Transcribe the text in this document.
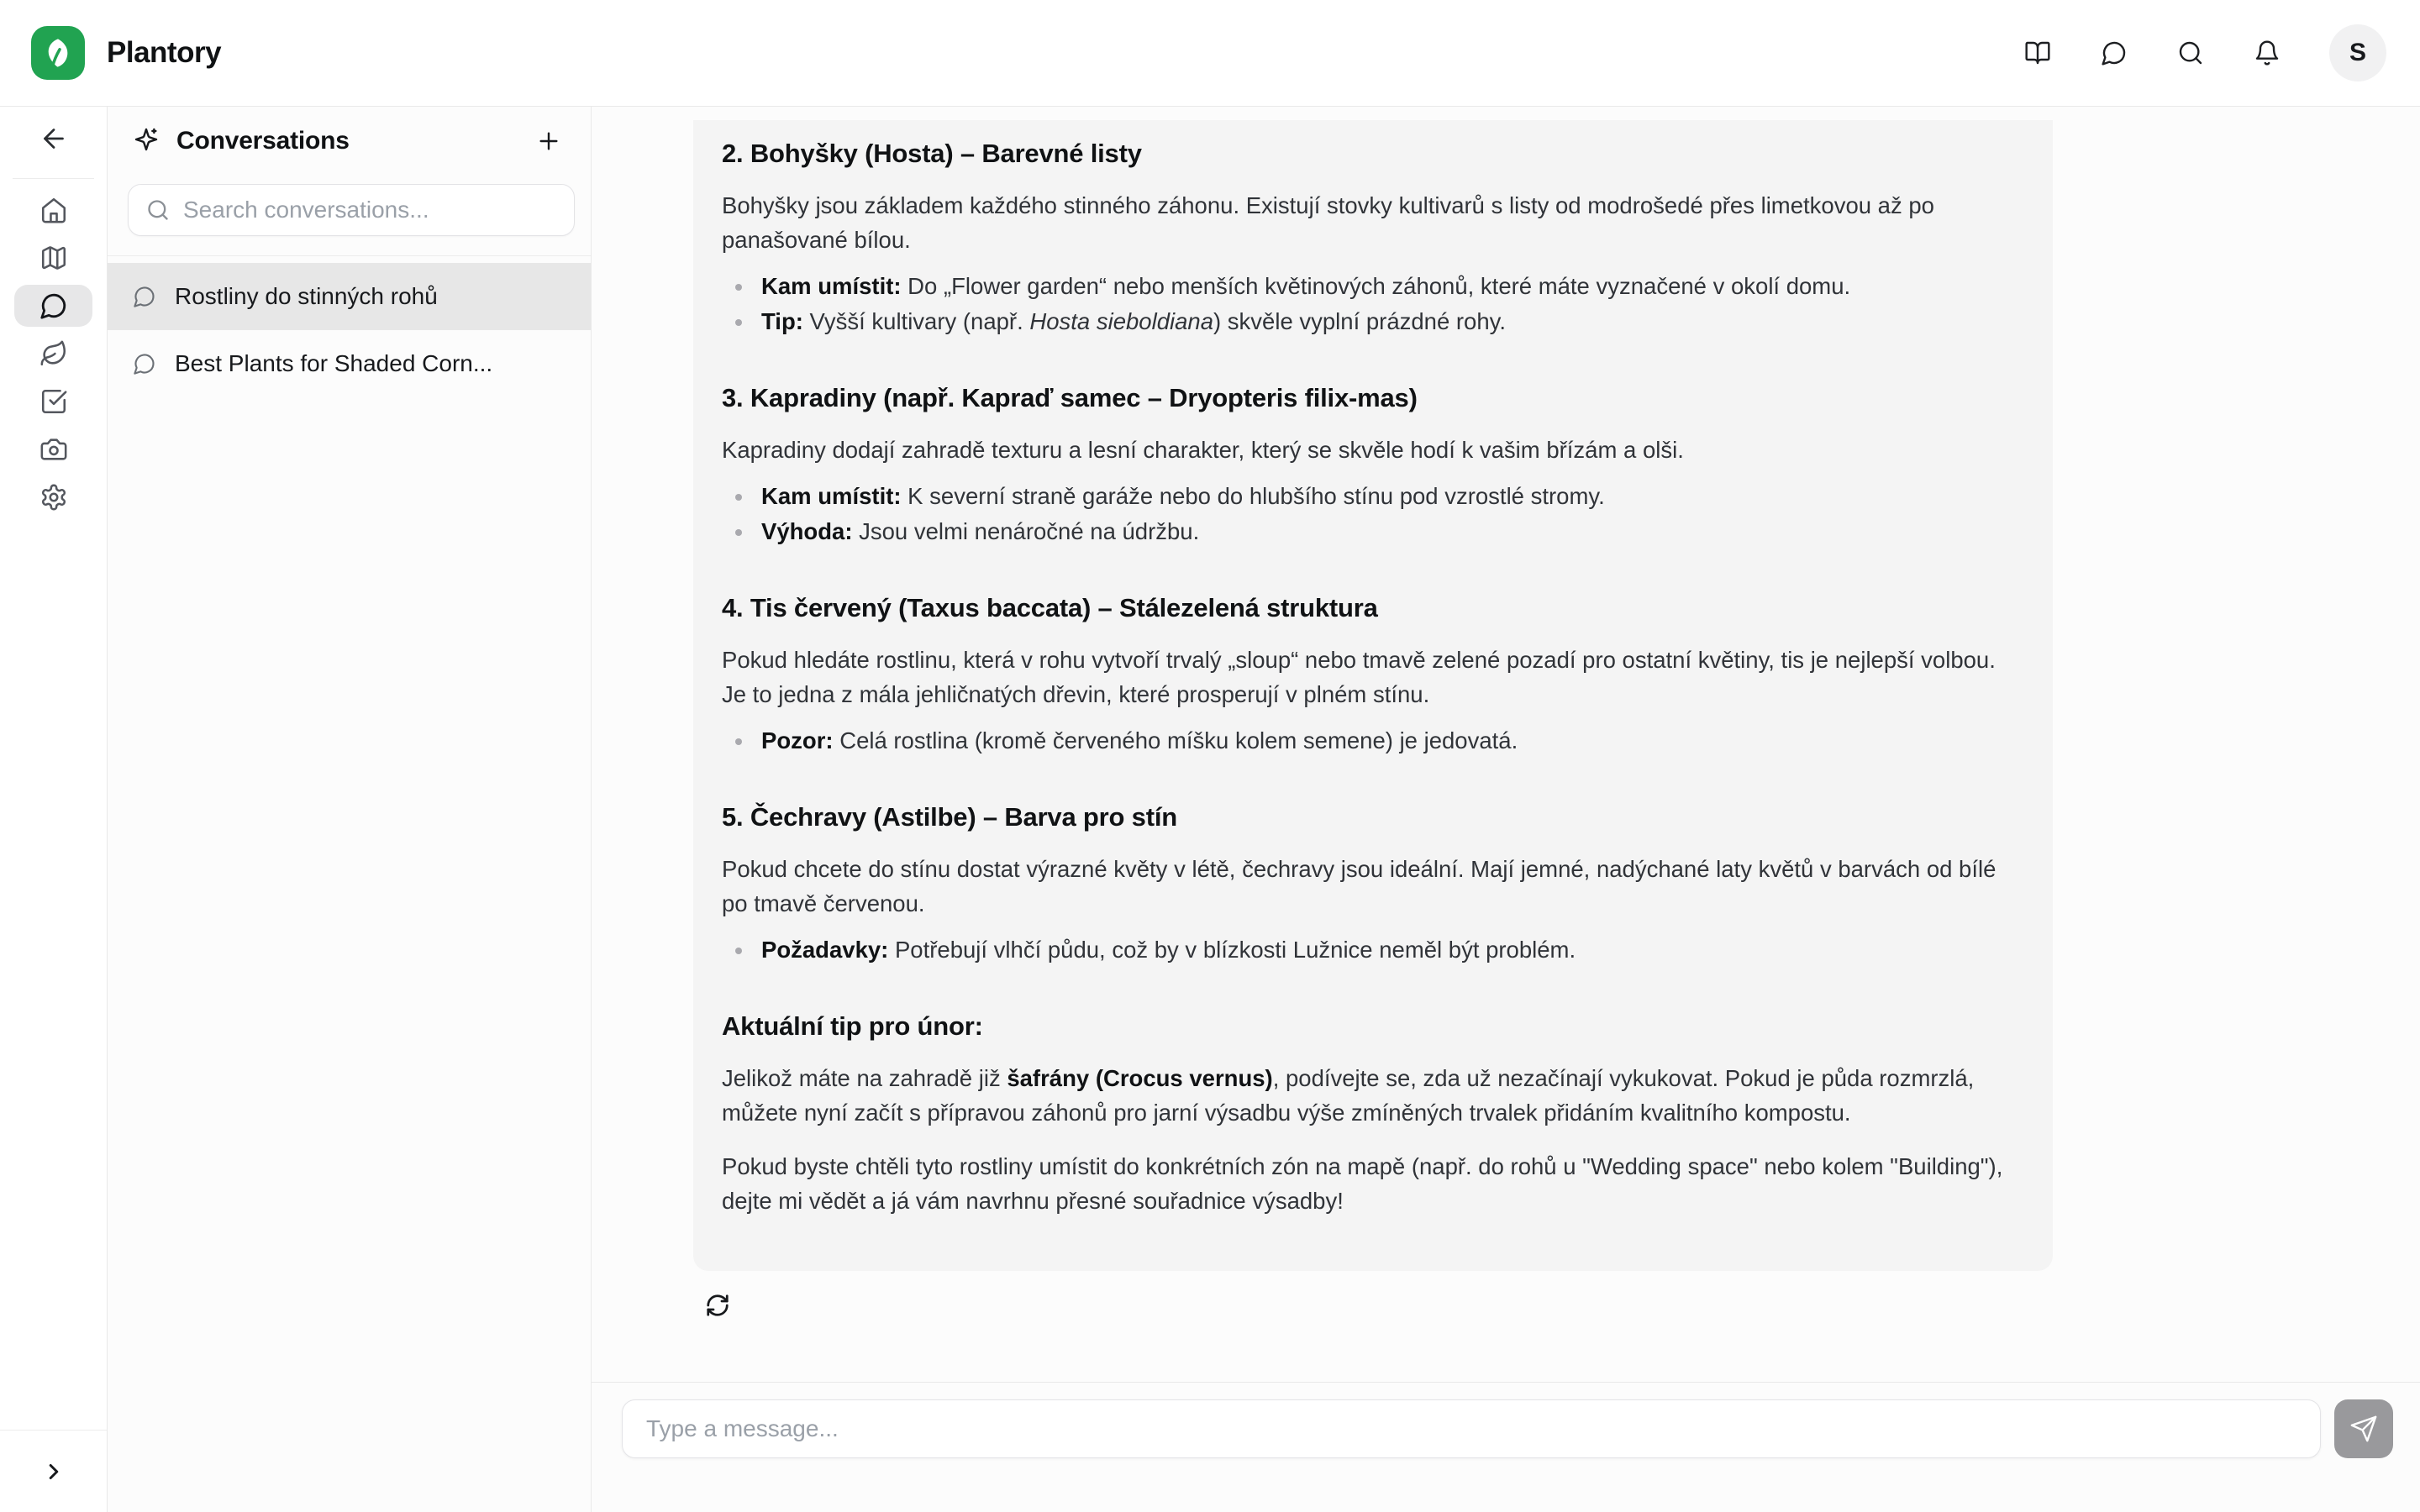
Plantory	S
Conversations
Search conversations...
Rostliny do stinných rohů
Best Plants for Shaded Corn...
2. Bohyšky (Hosta) – Barevné listy

Bohyšky jsou základem každého stinného záhonu. Existují stovky kultivarů s listy od modrošedé přes limetkovou až po panašované bílou.

Kam umístit: Do „Flower garden“ nebo menších květinových záhonů, které máte vyznačené v okolí domu.
Tip: Vyšší kultivary (např. Hosta sieboldiana) skvěle vyplní prázdné rohy.
3. Kapradiny (např. Kapraď samec – Dryopteris filix-mas)

Kapradiny dodají zahradě texturu a lesní charakter, který se skvěle hodí k vašim břízám a olši.

Kam umístit: K severní straně garáže nebo do hlubšího stínu pod vzrostlé stromy.
Výhoda: Jsou velmi nenáročné na údržbu.
4. Tis červený (Taxus baccata) – Stálezelená struktura

Pokud hledáte rostlinu, která v rohu vytvoří trvalý „sloup“ nebo tmavě zelené pozadí pro ostatní květiny, tis je nejlepší volbou. Je to jedna z mála jehličnatých dřevin, které prosperují v plném stínu.

Pozor: Celá rostlina (kromě červeného míšku kolem semene) je jedovatá.
5. Čechravy (Astilbe) – Barva pro stín

Pokud chcete do stínu dostat výrazné květy v létě, čechravy jsou ideální. Mají jemné, nadýchané laty květů v barvách od bílé po tmavě červenou.

Požadavky: Potřebují vlhčí půdu, což by v blízkosti Lužnice neměl být problém.
Aktuální tip pro únor:

Jelikož máte na zahradě již šafrány (Crocus vernus), podívejte se, zda už nezačínají vykukovat. Pokud je půda rozmrzlá, můžete nyní začít s přípravou záhonů pro jarní výsadbu výše zmíněných trvalek přidáním kvalitního kompostu.

Pokud byste chtěli tyto rostliny umístit do konkrétních zón na mapě (např. do rohů u "Wedding space" nebo kolem "Building"), dejte mi vědět a já vám navrhnu přesné souřadnice výsadby!

Type a message...
